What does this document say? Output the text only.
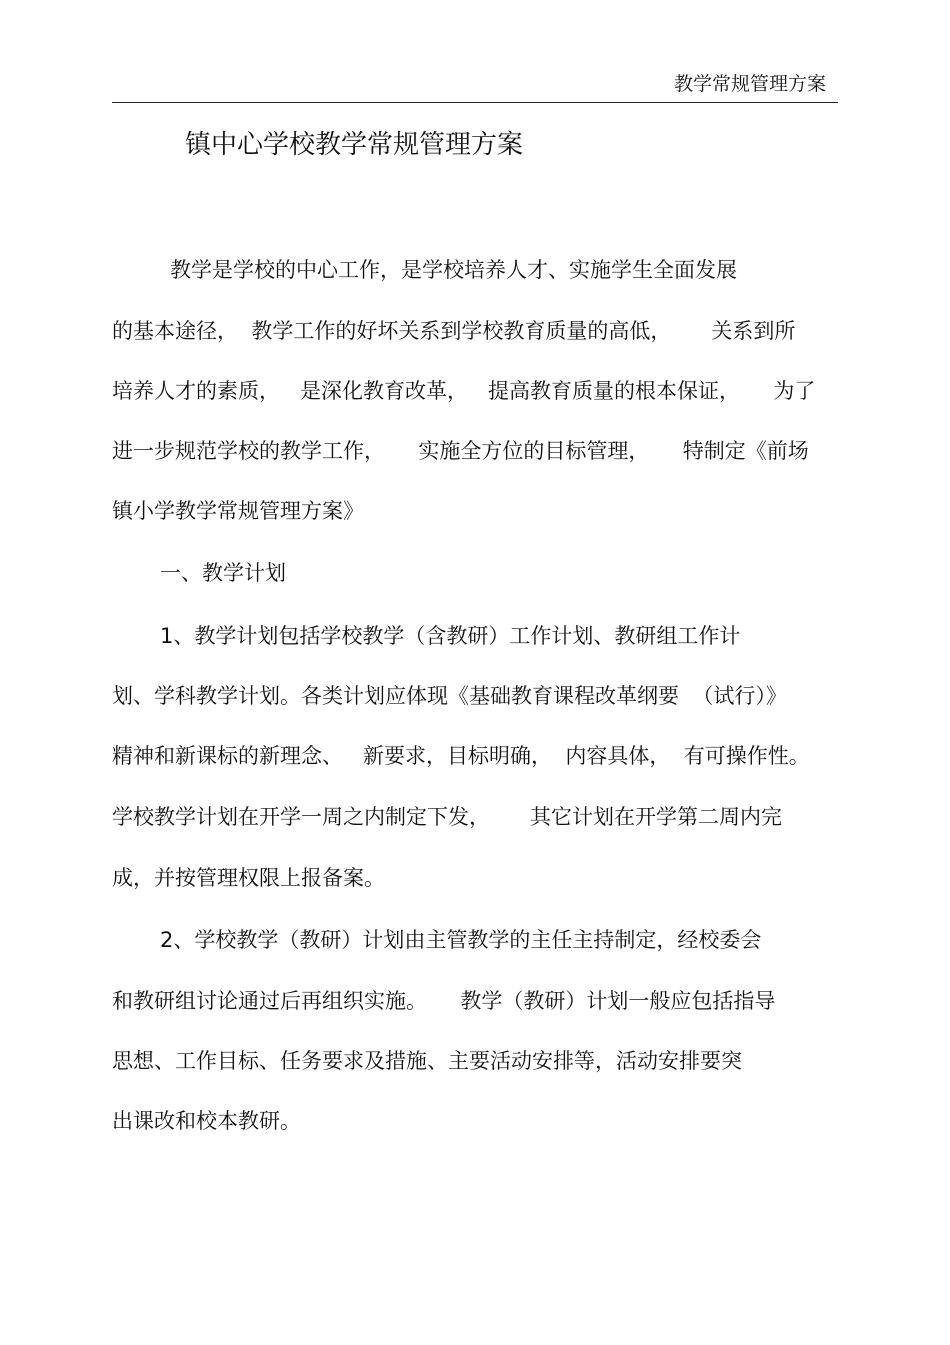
教学常规管理方案
镇中心学校教学常规管理方案
教学是学校的中心工作，是学校培养人才、实施学生全面发展
的基本途径，  教学工作的好坏关系到学校教育质量的高低，      关系到所
培养人才的素质，   是深化教育改革，   提高教育质量的根本保证，     为了
进一步规范学校的教学工作，     实施全方位的目标管理，     特制定《前场
镇小学教学常规管理方案》
一、教学计划
1、教学计划包括学校教学（含教研）工作计划、教研组工作计
划、学科教学计划。各类计划应体现《基础教育课程改革纲要  （试行）》
精神和新课标的新理念、   新要求，目标明确，  内容具体，  有可操作性。
学校教学计划在开学一周之内制定下发，      其它计划在开学第二周内完
成，并按管理权限上报备案。
2、学校教学（教研）计划由主管教学的主任主持制定，经校委会
和教研组讨论通过后再组织实施。     教学（教研）计划一般应包括指导
思想、工作目标、任务要求及措施、主要活动安排等，活动安排要突
出课改和校本教研。
